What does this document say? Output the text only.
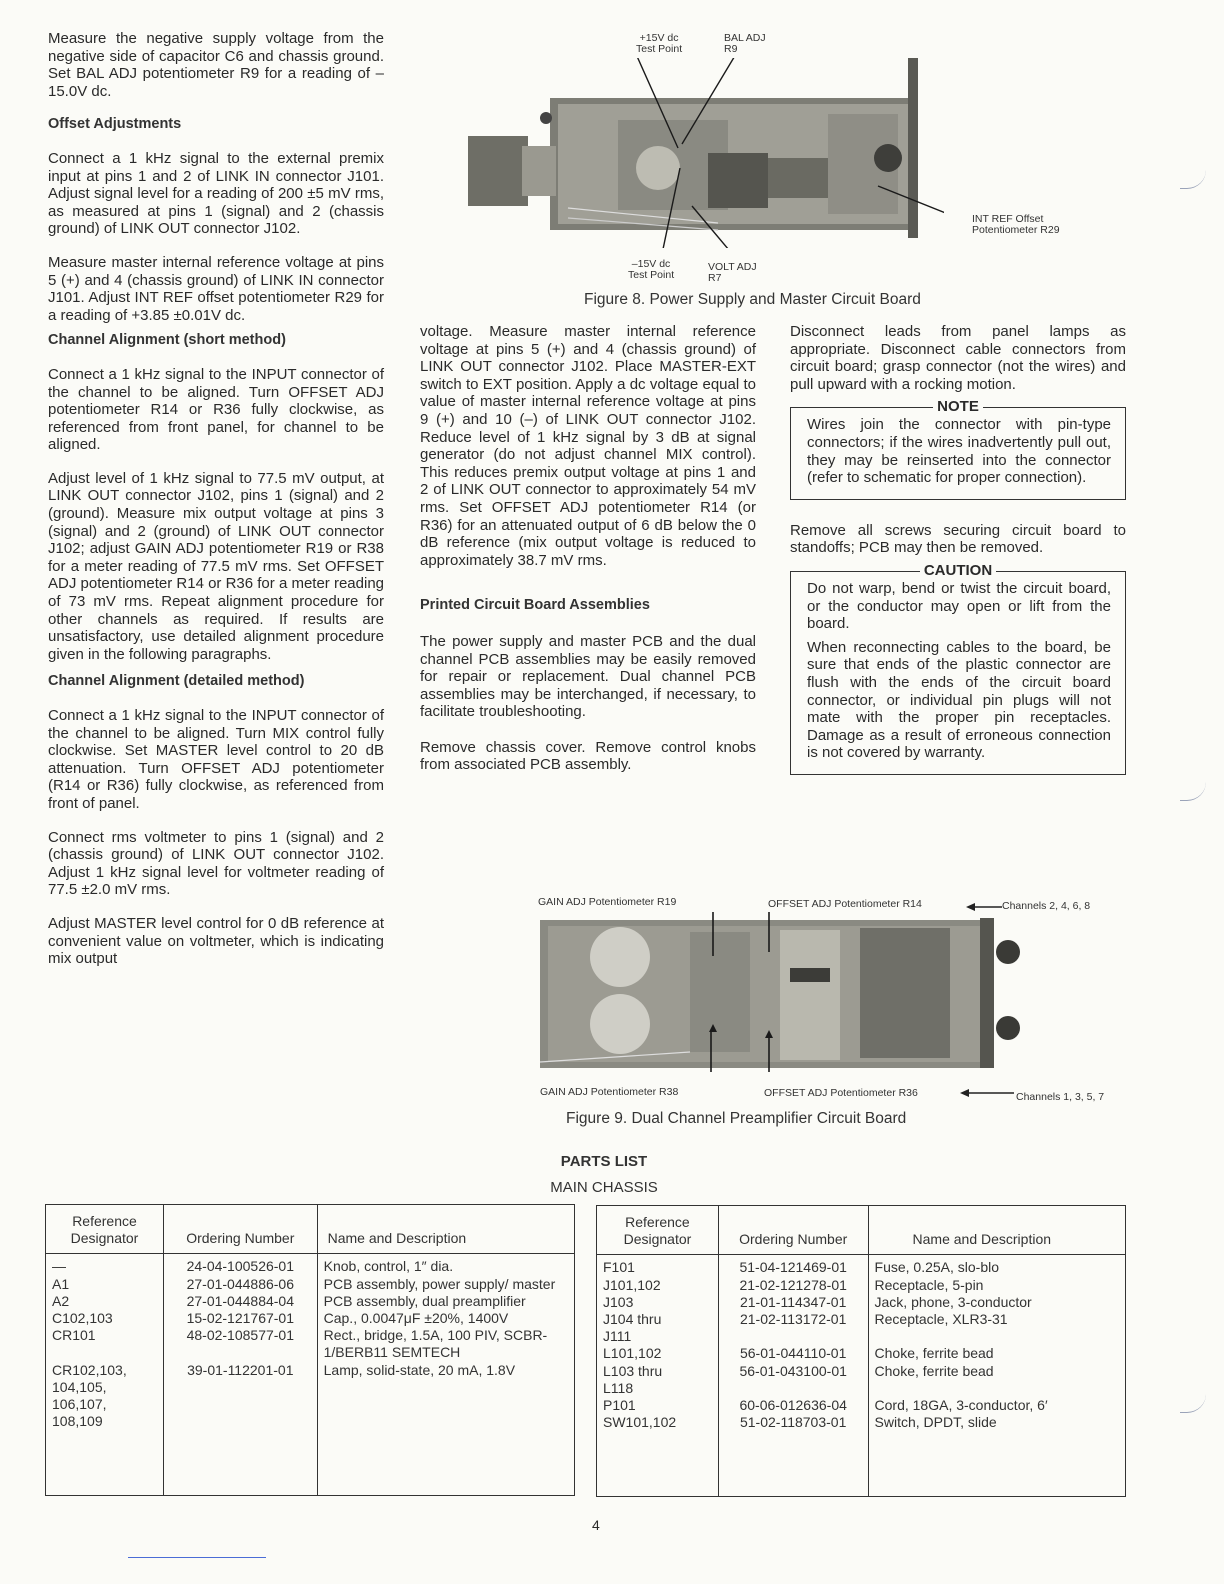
Measure the negative supply voltage from the negative side of capacitor C6 and chassis ground. Set BAL ADJ potentiometer R9 for a reading of –15.0V dc.

Offset Adjustments

Connect a 1 kHz signal to the external premix input at pins 1 and 2 of LINK IN connector J101. Adjust signal level for a reading of 200 ±5 mV rms, as measured at pins 1 (signal) and 2 (chassis ground) of LINK OUT connector J102.

Measure master internal reference voltage at pins 5 (+) and 4 (chassis ground) of LINK IN connector J101. Adjust INT REF offset potentiometer R29 for a reading of +3.85 ±0.01V dc.

Channel Alignment (short method)

Connect a 1 kHz signal to the INPUT connector of the channel to be aligned. Turn OFFSET ADJ potentiometer R14 or R36 fully clockwise, as referenced from front panel, for channel to be aligned.

Adjust level of 1 kHz signal to 77.5 mV output, at LINK OUT connector J102, pins 1 (signal) and 2 (ground). Measure mix output voltage at pins 3 (signal) and 2 (ground) of LINK OUT connector J102; adjust GAIN ADJ potentiometer R19 or R38 for a meter reading of 77.5 mV rms. Set OFFSET ADJ potentiometer R14 or R36 for a meter reading of 73 mV rms. Repeat alignment procedure for other channels as required. If results are unsatisfactory, use detailed alignment procedure given in the following paragraphs.

Channel Alignment (detailed method)

Connect a 1 kHz signal to the INPUT connector of the channel to be aligned. Turn MIX control fully clockwise. Set MASTER level control to 20 dB attenuation. Turn OFFSET ADJ potentiometer (R14 or R36) fully clockwise, as referenced from front of panel.

Connect rms voltmeter to pins 1 (signal) and 2 (chassis ground) of LINK OUT connector J102. Adjust 1 kHz signal level for voltmeter reading of 77.5 ±2.0 mV rms.

Adjust MASTER level control for 0 dB reference at convenient value on voltmeter, which is indicating mix output

+15V dc
Test Point
BAL ADJ
R9
INT REF Offset
Potentiometer R29
–15V dc
Test Point
VOLT ADJ
R7
Figure 8. Power Supply and Master Circuit Board

voltage. Measure master internal reference voltage at pins 5 (+) and 4 (chassis ground) of LINK OUT connector J102. Place MASTER-EXT switch to EXT position. Apply a dc voltage equal to value of master internal reference voltage at pins 9 (+) and 10 (–) of LINK OUT connector J102. Reduce level of 1 kHz signal by 3 dB at signal generator (do not adjust channel MIX control). This reduces premix output voltage at pins 1 and 2 of LINK OUT connector to approximately 54 mV rms. Set OFFSET ADJ potentiometer R14 (or R36) for an attenuated output of 6 dB below the 0 dB reference (mix output voltage is reduced to approximately 38.7 mV rms.

Printed Circuit Board Assemblies

The power supply and master PCB and the dual channel PCB assemblies may be easily removed for repair or replacement. Dual channel PCB assemblies may be interchanged, if necessary, to facilitate troubleshooting.

Remove chassis cover. Remove control knobs from associated PCB assembly.

Disconnect leads from panel lamps as appropriate. Disconnect cable connectors from circuit board; grasp connector (not the wires) and pull upward with a rocking motion.

NOTE

Wires join the connector with pin-type connectors; if the wires inadvertently pull out, they may be reinserted into the connector (refer to schematic for proper connection).

Remove all screws securing circuit board to standoffs; PCB may then be removed.

CAUTION

Do not warp, bend or twist the circuit board, or the conductor may open or lift from the board.

When reconnecting cables to the board, be sure that ends of the plastic connector are flush with the ends of the circuit board connector, or individual pin plugs will not mate with the proper pin receptacles. Damage as a result of erroneous connection is not covered by warranty.

GAIN ADJ Potentiometer R19	OFFSET ADJ Potentiometer R14	Channels 2, 4, 6, 8
GAIN ADJ Potentiometer R38	OFFSET ADJ Potentiometer R36	Channels 1, 3, 5, 7
Figure 9. Dual Channel Preamplifier Circuit Board
PARTS LIST
MAIN CHASSIS
Reference Designator	Ordering Number	Name and Description
—	24-04-100526-01	Knob, control, 1″ dia.
A1	27-01-044886-06	PCB assembly, power supply/ master
A2	27-01-044884-04	PCB assembly, dual preamplifier
C102,103	15-02-121767-01	Cap., 0.0047μF ±20%, 1400V
CR101	48-02-108577-01	Rect., bridge, 1.5A, 100 PIV, SCBR-1/BERB11 SEMTECH
CR102,103, 104,105, 106,107, 108,109	39-01-112201-01	Lamp, solid-state, 20 mA, 1.8V
Reference Designator	Ordering Number	Name and Description
F101	51-04-121469-01	Fuse, 0.25A, slo-blo
J101,102	21-02-121278-01	Receptacle, 5-pin
J103	21-01-114347-01	Jack, phone, 3-conductor
J104 thru J111	21-02-113172-01	Receptacle, XLR3-31
L101,102	56-01-044110-01	Choke, ferrite bead
L103 thru L118	56-01-043100-01	Choke, ferrite bead
P101	60-06-012636-04	Cord, 18GA, 3-conductor, 6′
SW101,102	51-02-118703-01	Switch, DPDT, slide
4
